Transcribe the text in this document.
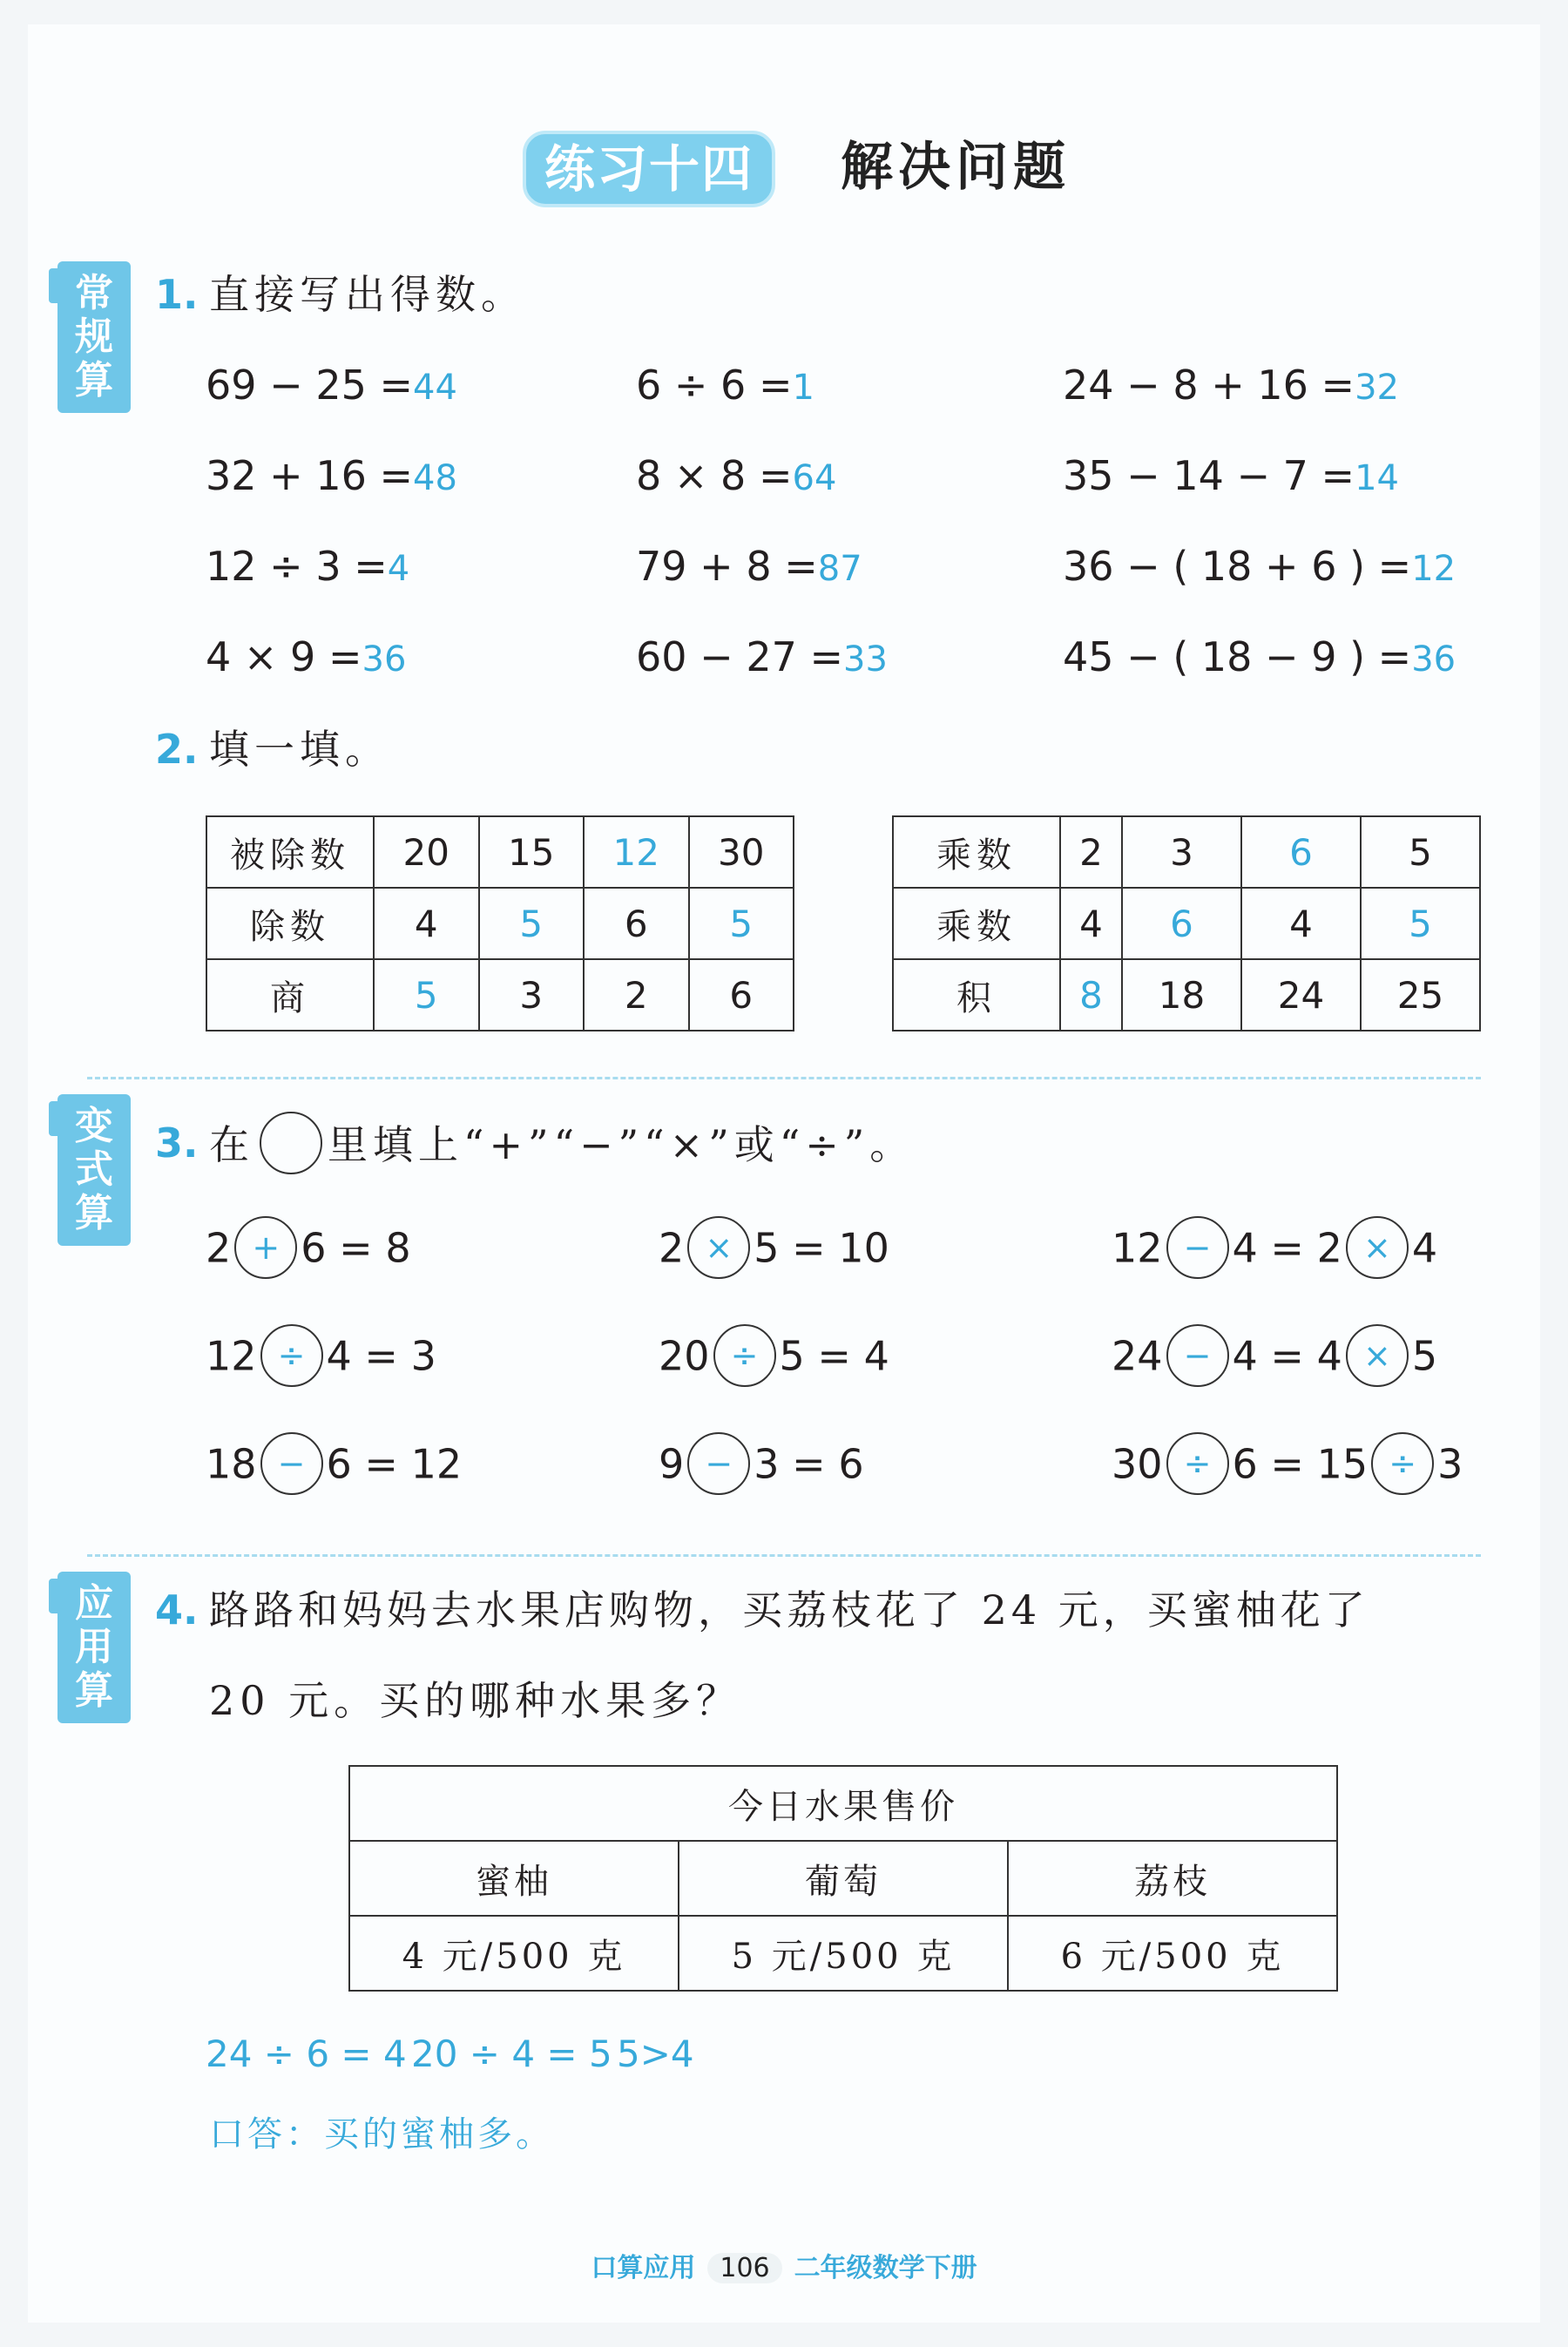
练习十四	解决问题
常
规
算
1. 直接写出得数。
69 − 25 =44	6 ÷ 6 =1	24 − 8 + 16 =32
32 + 16 =48	8 × 8 =64	35 − 14 − 7 =14
12 ÷ 3 =4	79 + 8 =87	36 − ( 18 + 6 ) =12
4 × 9 =36	60 − 27 =33	45 − ( 18 − 9 ) =36
2. 填一填。
被除数	20	15	12	30
除数	4	5	6	5
商	5	3	2	6
乘数	2	3	6	5
乘数	4	6	4	5
积	8	18	24	25
变
式
算
3. 在 里填上“+”“−”“×”或“÷”。
2 + 6 = 8	2 × 5 = 10	12 − 4 = 2 × 4
12 ÷ 4 = 3	20 ÷ 5 = 4	24 − 4 = 4 × 5
18 − 6 = 12	9 − 3 = 6	30 ÷ 6 = 15 ÷ 3
应
用
算
4. 路路和妈妈去水果店购物，买荔枝花了 24 元，买蜜柚花了
20 元。买的哪种水果多？
今日水果售价		
蜜柚	葡萄	荔枝
4 元/500 克	5 元/500 克	6 元/500 克
24 ÷ 6 = 4 20 ÷ 4 = 5 5>4
口答：买的蜜柚多。
口算应用 106 二年级数学下册
